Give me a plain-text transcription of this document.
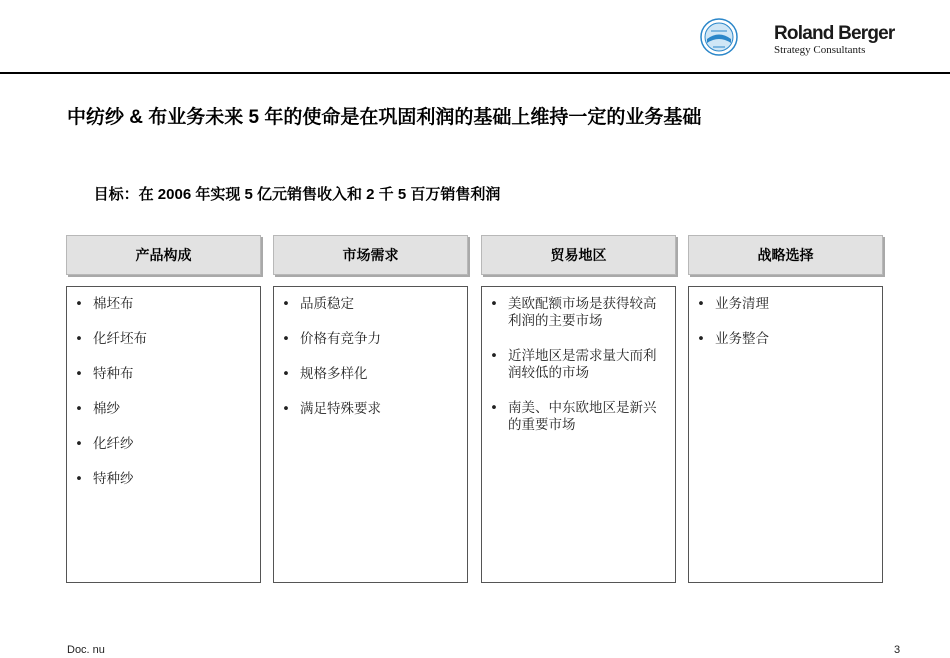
Roland Berger
Strategy Consultants
中纺纱 & 布业务未来 5 年的使命是在巩固利润的基础上维持一定的业务基础
目标：在 2006 年实现 5 亿元销售收入和 2 千 5 百万销售利润
产品构成	市场需求	贸易地区	战略选择
• 棉坯布
• 化纤坯布
• 特种布
• 棉纱
• 化纤纱
• 特种纱
• 品质稳定
• 价格有竞争力
• 规格多样化
• 满足特殊要求
• 美欧配额市场是获得较高利润的主要市场
• 近洋地区是需求量大而利润较低的市场
• 南美、中东欧地区是新兴的重要市场
• 业务清理
• 业务整合
Doc. nu	3
